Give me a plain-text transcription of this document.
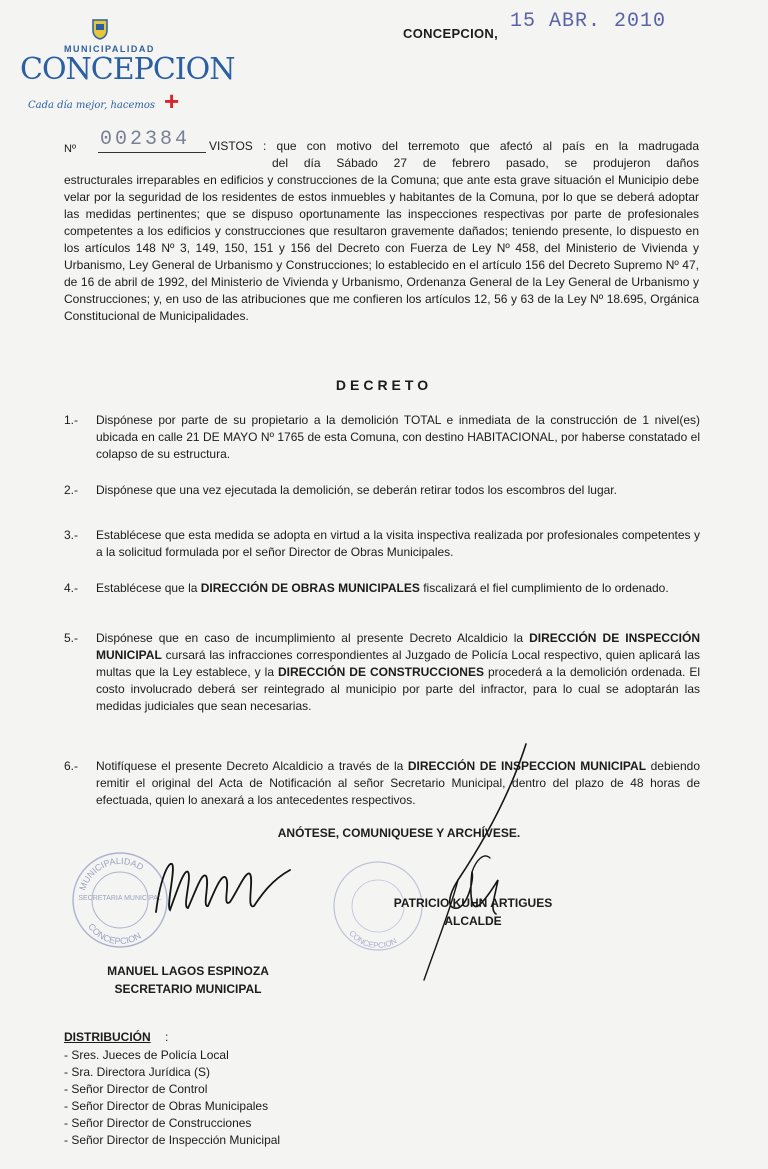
MUNICIPALIDAD
CONCEPCION
Cada día mejor, hacemos +
CONCEPCION,
15 ABR. 2010
Nº 002384 VISTOS : que con motivo del terremoto que afectó al país en la madrugada
del día Sábado 27 de febrero pasado, se produjeron daños
estructurales irreparables en edificios y construcciones de la Comuna; que ante esta grave situación el Municipio debe velar por la seguridad de los residentes de estos inmuebles y habitantes de la Comuna, por lo que se deberá adoptar las medidas pertinentes; que se dispuso oportunamente las inspecciones respectivas por parte de profesionales competentes a los edificios y construcciones que resultaron gravemente dañados; teniendo presente, lo dispuesto en los artículos 148 Nº 3, 149, 150, 151 y 156 del Decreto con Fuerza de Ley Nº 458, del Ministerio de Vivienda y Urbanismo, Ley General de Urbanismo y Construcciones; lo establecido en el artículo 156 del Decreto Supremo Nº 47, de 16 de abril de 1992, del Ministerio de Vivienda y Urbanismo, Ordenanza General de la Ley General de Urbanismo y Construcciones; y, en uso de las atribuciones que me confieren los artículos 12, 56 y 63 de la Ley Nº 18.695, Orgánica Constitucional de Municipalidades.
DECRETO
1.-	Dispónese por parte de su propietario a la demolición TOTAL e inmediata de la construcción de 1 nivel(es) ubicada en calle 21 DE MAYO Nº 1765 de esta Comuna, con destino HABITACIONAL, por haberse constatado el colapso de su estructura.
2.-	Dispónese que una vez ejecutada la demolición, se deberán retirar todos los escombros del lugar.
3.-	Establécese que esta medida se adopta en virtud a la visita inspectiva realizada por profesionales competentes y a la solicitud formulada por el señor Director de Obras Municipales.
4.-	Establécese que la DIRECCIÓN DE OBRAS MUNICIPALES fiscalizará el fiel cumplimiento de lo ordenado.
5.-	Dispónese que en caso de incumplimiento al presente Decreto Alcaldicio la DIRECCIÓN DE INSPECCIÓN MUNICIPAL cursará las infracciones correspondientes al Juzgado de Policía Local respectivo, quien aplicará las multas que la Ley establece, y la DIRECCIÓN DE CONSTRUCCIONES procederá a la demolición ordenada. El costo involucrado deberá ser reintegrado al municipio por parte del infractor, para lo cual se adoptarán las medidas judiciales que sean necesarias.
6.-	Notifíquese el presente Decreto Alcaldicio a través de la DIRECCIÓN DE INSPECCION MUNICIPAL debiendo remitir el original del Acta de Notificación al señor Secretario Municipal, dentro del plazo de 48 horas de efectuada, quien lo anexará a los antecedentes respectivos.
ANÓTESE, COMUNIQUESE Y ARCHÍVESE.
MUNICIPALIDAD
CONCEPCION
SECRETARIA MUNICIPAL
CONCEPCION
PATRICIO KUHN ARTIGUES
ALCALDE
MANUEL LAGOS ESPINOZA
SECRETARIO MUNICIPAL
DISTRIBUCIÓN :
- Sres. Jueces de Policía Local
- Sra. Directora Jurídica (S)
- Señor Director de Control
- Señor Director de Obras Municipales
- Señor Director de Construcciones
- Señor Director de Inspección Municipal
